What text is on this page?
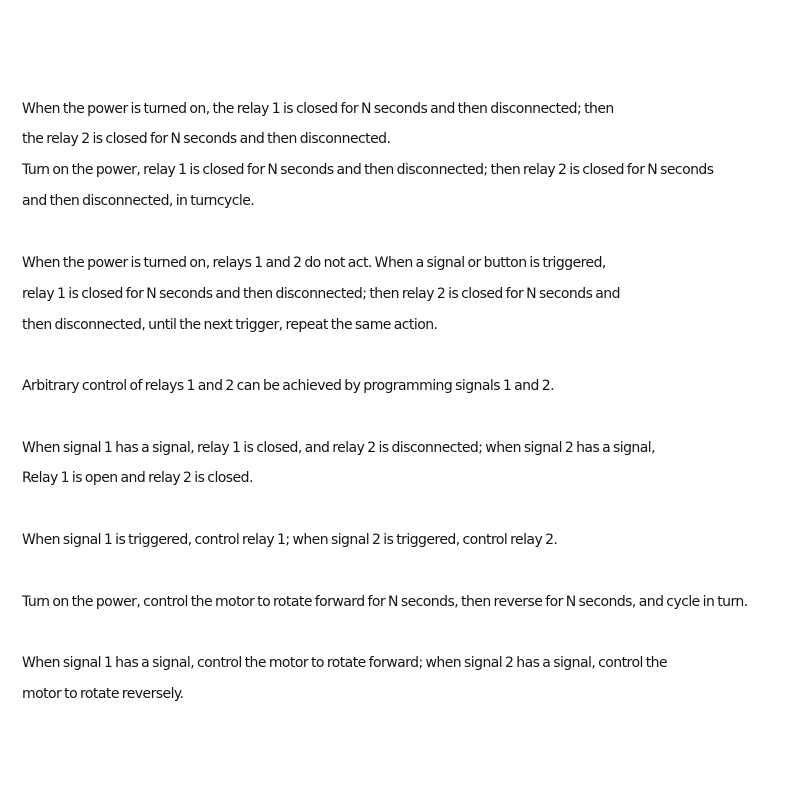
When the power is turned on, the relay 1 is closed for N seconds and then disconnected; then
the relay 2 is closed for N seconds and then disconnected.
Turn on the power, relay 1 is closed for N seconds and then disconnected; then relay 2 is closed for N seconds
and then disconnected, in turncycle.
When the power is turned on, relays 1 and 2 do not act. When a signal or button is triggered,
relay 1 is closed for N seconds and then disconnected; then relay 2 is closed for N seconds and
then disconnected, until the next trigger, repeat the same action.
Arbitrary control of relays 1 and 2 can be achieved by programming signals 1 and 2.
When signal 1 has a signal, relay 1 is closed, and relay 2 is disconnected; when signal 2 has a signal,
Relay 1 is open and relay 2 is closed.
When signal 1 is triggered, control relay 1; when signal 2 is triggered, control relay 2.
Turn on the power, control the motor to rotate forward for N seconds, then reverse for N seconds, and cycle in turn.
When signal 1 has a signal, control the motor to rotate forward; when signal 2 has a signal, control the
motor to rotate reversely.
